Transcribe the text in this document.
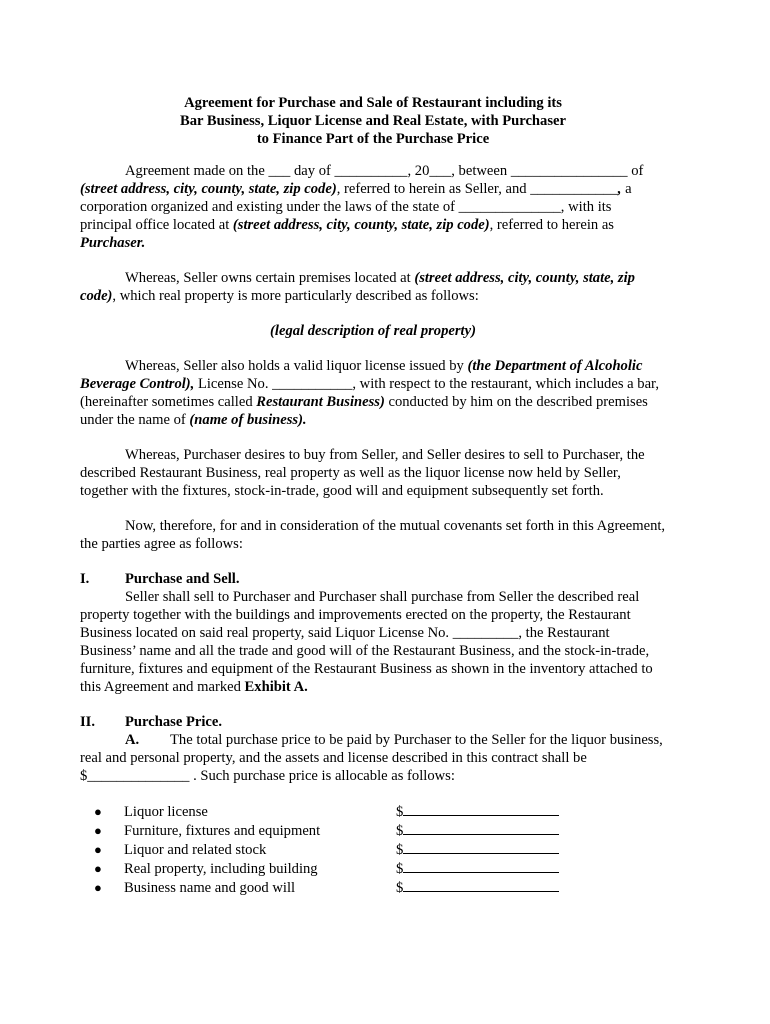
Agreement for Purchase and Sale of Restaurant including its
Bar Business, Liquor License and Real Estate, with Purchaser
to Finance Part of the Purchase Price

Agreement made on the ___ day of __________, 20___, between ________________ of (street address, city, county, state, zip code), referred to herein as Seller, and ____________, a corporation organized and existing under the laws of the state of ______________, with its principal office located at (street address, city, county, state, zip code), referred to herein as Purchaser.

Whereas, Seller owns certain premises located at (street address, city, county, state, zip code), which real property is more particularly described as follows:

(legal description of real property)

Whereas, Seller also holds a valid liquor license issued by (the Department of Alcoholic Beverage Control), License No. ___________, with respect to the restaurant, which includes a bar, (hereinafter sometimes called Restaurant Business) conducted by him on the described premises under the name of (name of business).

Whereas, Purchaser desires to buy from Seller, and Seller desires to sell to Purchaser, the described Restaurant Business, real property as well as the liquor license now held by Seller, together with the fixtures, stock-in-trade, good will and equipment subsequently set forth.

Now, therefore, for and in consideration of the mutual covenants set forth in this Agreement, the parties agree as follows:

I.	Purchase and Sell.
Seller shall sell to Purchaser and Purchaser shall purchase from Seller the described real property together with the buildings and improvements erected on the property, the Restaurant Business located on said real property, said Liquor License No. _________, the Restaurant Business’ name and all the trade and good will of the Restaurant Business, and the stock-in-trade, furniture, fixtures and equipment of the Restaurant Business as shown in the inventory attached to this Agreement and marked Exhibit A.
II.	Purchase Price.
A. The total purchase price to be paid by Purchaser to the Seller for the liquor business, real and personal property, and the assets and license described in this contract shall be $______________ . Such purchase price is allocable as follows:
●	Liquor license	$
●	Furniture, fixtures and equipment	$
●	Liquor and related stock	$
●	Real property, including building	$
●	Business name and good will	$
